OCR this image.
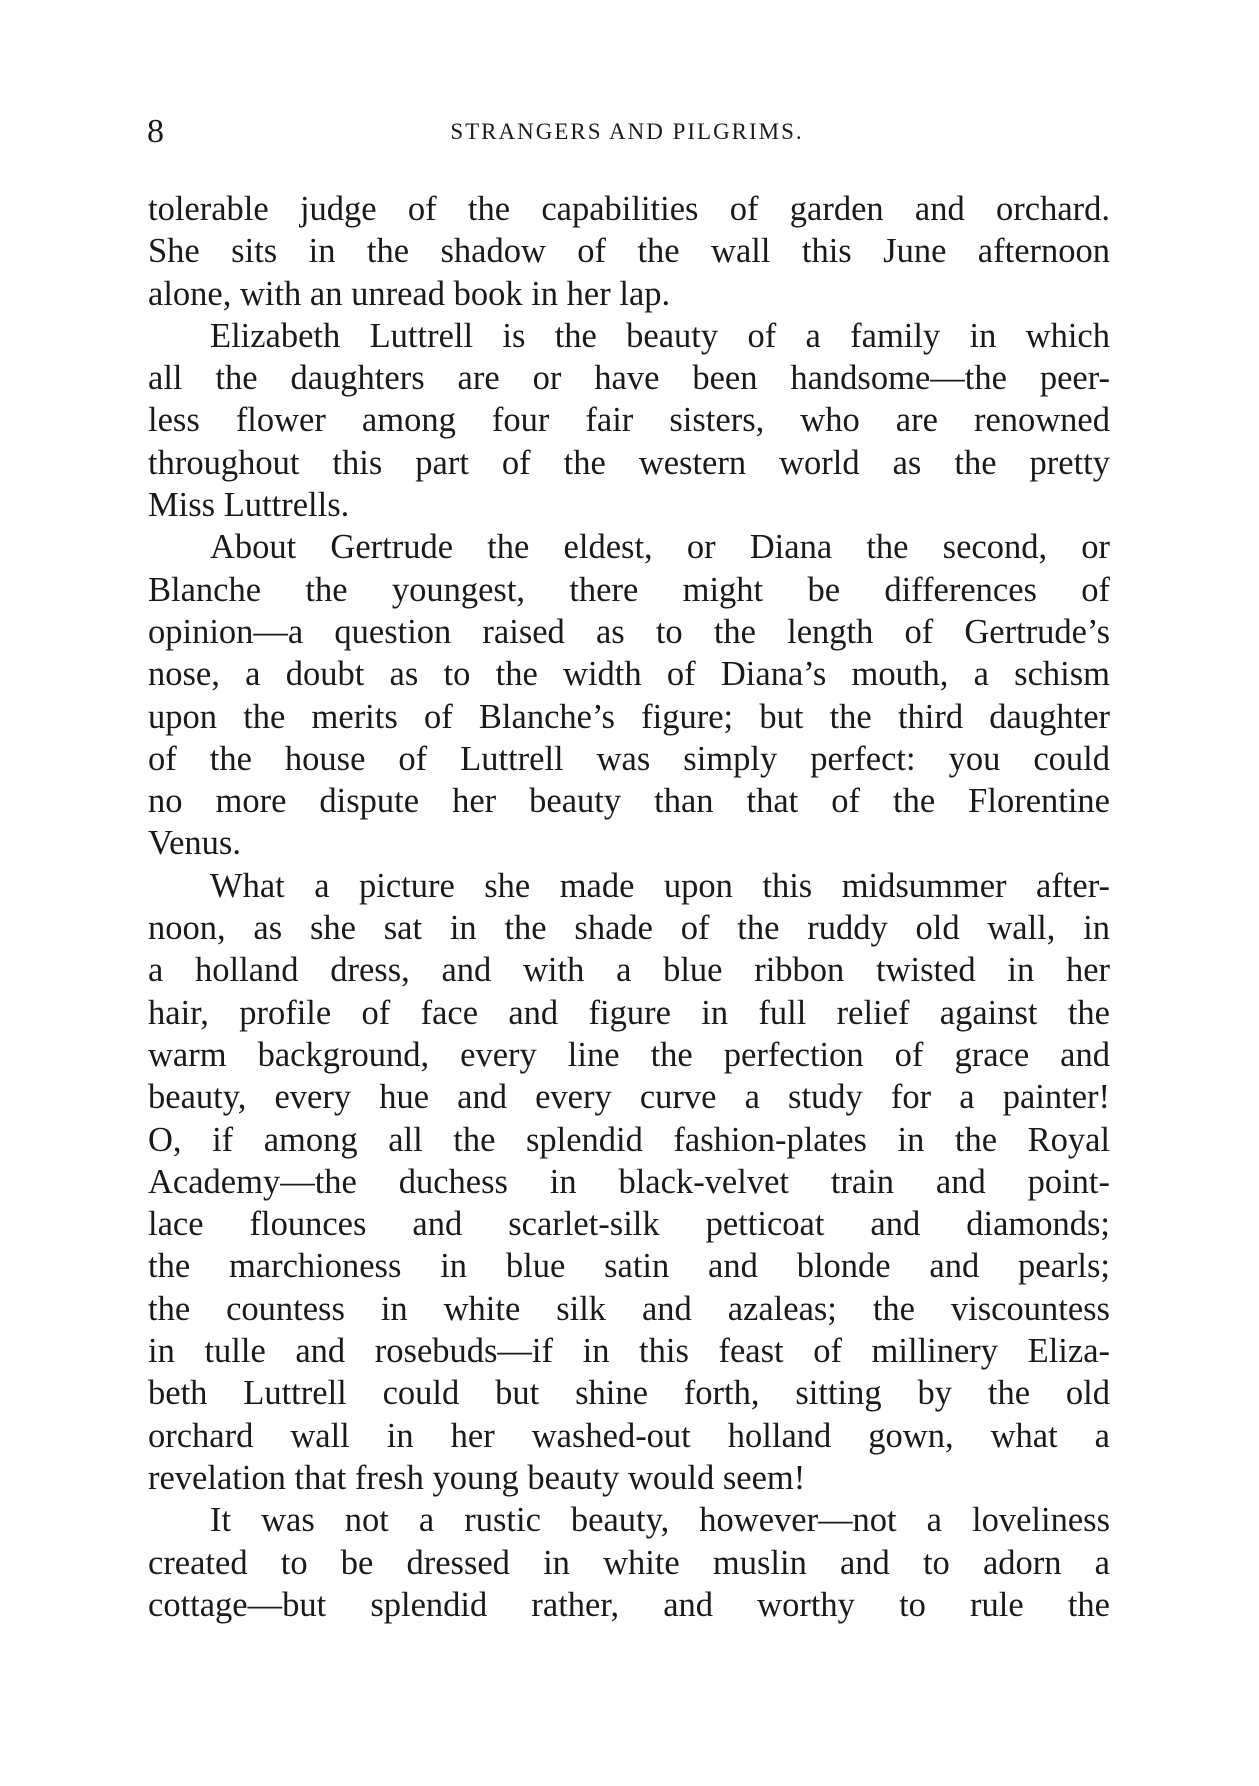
8	STRANGERS AND PILGRIMS.
tolerable judge of the capabilities of garden and orchard.
She sits in the shadow of the wall this June afternoon
alone, with an unread book in her lap.
Elizabeth Luttrell is the beauty of a family in which
all the daughters are or have been handsome—the peer-
less flower among four fair sisters, who are renowned
throughout this part of the western world as the pretty
Miss Luttrells.
About Gertrude the eldest, or Diana the second, or
Blanche the youngest, there might be differences of
opinion—a question raised as to the length of Gertrude’s
nose, a doubt as to the width of Diana’s mouth, a schism
upon the merits of Blanche’s figure; but the third daughter
of the house of Luttrell was simply perfect: you could
no more dispute her beauty than that of the Florentine
Venus.
What a picture she made upon this midsummer after-
noon, as she sat in the shade of the ruddy old wall, in
a holland dress, and with a blue ribbon twisted in her
hair, profile of face and figure in full relief against the
warm background, every line the perfection of grace and
beauty, every hue and every curve a study for a painter!
O, if among all the splendid fashion-plates in the Royal
Academy—the duchess in black-velvet train and point-
lace flounces and scarlet-silk petticoat and diamonds;
the marchioness in blue satin and blonde and pearls;
the countess in white silk and azaleas; the viscountess
in tulle and rosebuds—if in this feast of millinery Eliza-
beth Luttrell could but shine forth, sitting by the old
orchard wall in her washed-out holland gown, what a
revelation that fresh young beauty would seem!
It was not a rustic beauty, however—not a loveliness
created to be dressed in white muslin and to adorn a
cottage—but splendid rather, and worthy to rule the
